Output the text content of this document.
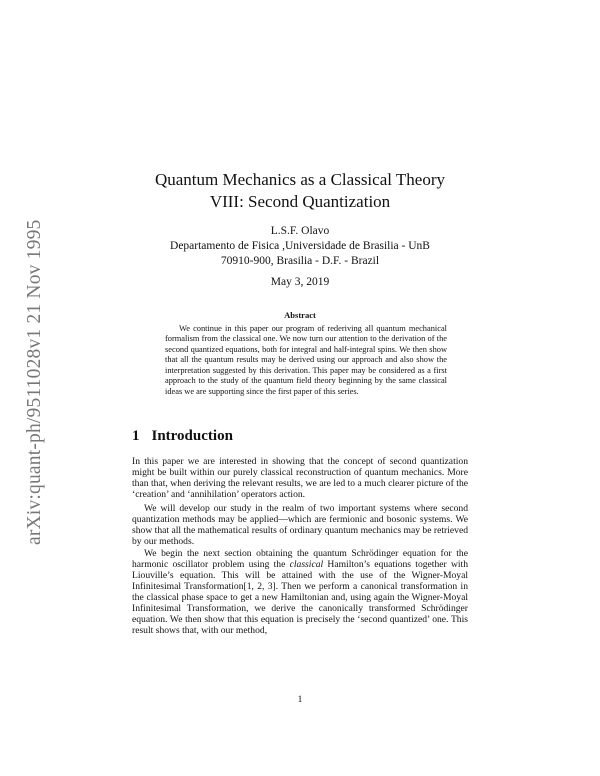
arXiv:quant-ph/9511028v1 21 Nov 1995
Quantum Mechanics as a Classical Theory
VIII: Second Quantization
L.S.F. Olavo
Departamento de Fisica ,Universidade de Brasilia - UnB
70910-900, Brasilia - D.F. - Brazil
May 3, 2019
Abstract

We continue in this paper our program of rederiving all quantum mechanical formalism from the classical one. We now turn our attention to the derivation of the second quantized equations, both for integral and half-integral spins. We then show that all the quantum results may be derived using our approach and also show the interpretation suggested by this derivation. This paper may be considered as a first approach to the study of the quantum field theory beginning by the same classical ideas we are supporting since the first paper of this series.

1 Introduction

In this paper we are interested in showing that the concept of second quantization might be built within our purely classical reconstruction of quantum mechanics. More than that, when deriving the relevant results, we are led to a much clearer picture of the ‘creation’ and ‘annihilation’ operators action.

We will develop our study in the realm of two important systems where second quantization methods may be applied—which are fermionic and bosonic systems. We show that all the mathematical results of ordinary quantum mechanics may be retrieved by our methods.

We begin the next section obtaining the quantum Schrödinger equation for the harmonic oscillator problem using the classical Hamilton’s equations together with Liouville’s equation. This will be attained with the use of the Wigner-Moyal Infinitesimal Transformation[1, 2, 3]. Then we perform a canonical transformation in the classical phase space to get a new Hamiltonian and, using again the Wigner-Moyal Infinitesimal Transformation, we derive the canonically transformed Schrödinger equation. We then show that this equation is precisely the ‘second quantized’ one. This result shows that, with our method,

1
